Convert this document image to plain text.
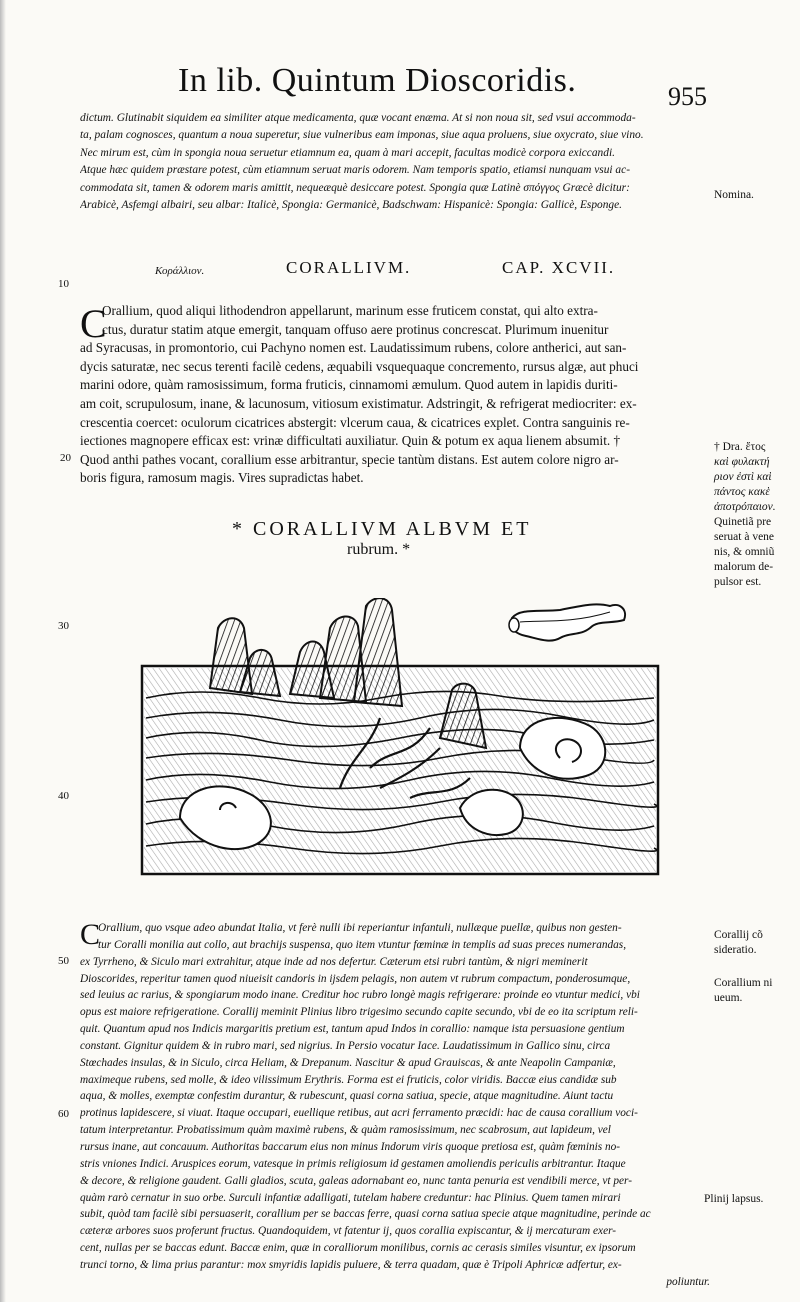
In lib. Quintum Dioscoridis.	955
dictum. Glutinabit siquidem ea similiter atque medicamenta, quæ vocant enæma. At si non noua sit, sed vsui accommoda-
ta, palam cognosces, quantum a noua superetur, siue vulneribus eam imponas, siue aqua proluens, siue oxycrato, siue vino.
Nec mirum est, cùm in spongia noua seruetur etiamnum ea, quam à mari accepit, facultas modicè corpora exiccandi.
Atque hæc quidem præstare potest, cùm etiamnum seruat maris odorem. Nam temporis spatio, etiamsi nunquam vsui ac-
commodata sit, tamen & odorem maris amittit, nequeæquè desiccare potest. Spongia quæ Latinè σπόγγος Græcè dicitur:
Arabicè, Asfemgi albairi, seu albar: Italicè, Spongia: Germanicè, Badschwam: Hispanicè: Spongia: Gallicè, Esponge.
Nomina.
10
Κοράλλιον.	CORALLIVM.	CAP. XCVII.
C
Orallium, quod aliqui lithodendron appellarunt, marinum esse fruticem constat, qui alto extra-
ctus, duratur statim atque emergit, tanquam offuso aere protinus concrescat. Plurimum inuenitur
ad Syracusas, in promontorio, cui Pachyno nomen est. Laudatissimum rubens, colore antherici, aut san-
dycis saturatæ, nec secus terenti facilè cedens, æquabili vsquequaque concremento, rursus algæ, aut phuci
marini odore, quàm ramosissimum, forma fruticis, cinnamomi æmulum. Quod autem in lapidis duriti-
am coit, scrupulosum, inane, & lacunosum, vitiosum existimatur. Adstringit, & refrigerat mediocriter: ex-
crescentia coercet: oculorum cicatrices abstergit: vlcerum caua, & cicatrices explet. Contra sanguinis re-
iectiones magnopere efficax est: vrinæ difficultati auxiliatur. Quin & potum ex aqua lienem absumit. †
Quod anthi pathes vocant, corallium esse arbitrantur, specie tantùm distans. Est autem colore nigro ar-
boris figura, ramosum magis. Vires supradictas habet.
20
† Dra. ἔτος
καὶ φυλακτή
ριον ἐστὶ καὶ
πάντος κακὲ
ἀποτρόπαιον.
Quinetiã pre
seruat à vene
nis, & omniũ
malorum de-
pulsor est.
* CORALLIVM ALBVM ET
rubrum. *
30
40
C
Orallium, quo vsque adeo abundat Italia, vt ferè nulli ibi reperiantur infantuli, nullæque puellæ, quibus non gesten-
tur Coralli monilia aut collo, aut brachijs suspensa, quo item vtuntur fœminæ in templis ad suas preces numerandas,
ex Tyrrheno, & Siculo mari extrahitur, atque inde ad nos defertur. Cæterum etsi rubri tantùm, & nigri meminerit
Dioscorides, reperitur tamen quod niueisit candoris in ijsdem pelagis, non autem vt rubrum compactum, ponderosumque,
sed leuius ac rarius, & spongiarum modo inane. Creditur hoc rubro longè magis refrigerare: proinde eo vtuntur medici, vbi
opus est maiore refrigeratione. Corallij meminit Plinius libro trigesimo secundo capite secundo, vbi de eo ita scriptum reli-
quit. Quantum apud nos Indicis margaritis pretium est, tantum apud Indos in corallio: namque ista persuasione gentium
constant. Gignitur quidem & in rubro mari, sed nigrius. In Persio vocatur Iace. Laudatissimum in Gallico sinu, circa
Stœchades insulas, & in Siculo, circa Heliam, & Drepanum. Nascitur & apud Grauiscas, & ante Neapolin Campaniæ,
maximeque rubens, sed molle, & ideo vilissimum Erythris. Forma est ei fruticis, color viridis. Baccæ eius candidæ sub
aqua, & molles, exemptæ confestim durantur, & rubescunt, quasi corna satiua, specie, atque magnitudine. Aiunt tactu
protinus lapidescere, si viuat. Itaque occupari, euellique retibus, aut acri ferramento præcidi: hac de causa corallium voci-
tatum interpretantur. Probatissimum quàm maximè rubens, & quàm ramosissimum, nec scabrosum, aut lapideum, vel
rursus inane, aut concauum. Authoritas baccarum eius non minus Indorum viris quoque pretiosa est, quàm fœminis no-
stris vniones Indici. Aruspices eorum, vatesque in primis religiosum id gestamen amoliendis periculis arbitrantur. Itaque
& decore, & religione gaudent. Galli gladios, scuta, galeas adornabant eo, nunc tanta penuria est vendibili merce, vt per-
quàm rarò cernatur in suo orbe. Surculi infantiæ adalligati, tutelam habere creduntur: hac Plinius. Quem tamen mirari
subit, quòd tam facilè sibi persuaserit, corallium per se baccas ferre, quasi corna satiua specie atque magnitudine, perinde ac
cæteræ arbores suos proferunt fructus. Quandoquidem, vt fatentur ij, quos corallia expiscantur, & ij mercaturam exer-
cent, nullas per se baccas edunt. Baccæ enim, quæ in coralliorum monilibus, cornis ac cerasis similes visuntur, ex ipsorum
trunci torno, & lima prius parantur: mox smyridis lapidis puluere, & terra quadam, quæ è Tripoli Aphricæ adfertur, ex-
poliuntur.
50
60
Corallij cõ
sideratio.
Corallium ni
ueum.
Plinij lapsus.
